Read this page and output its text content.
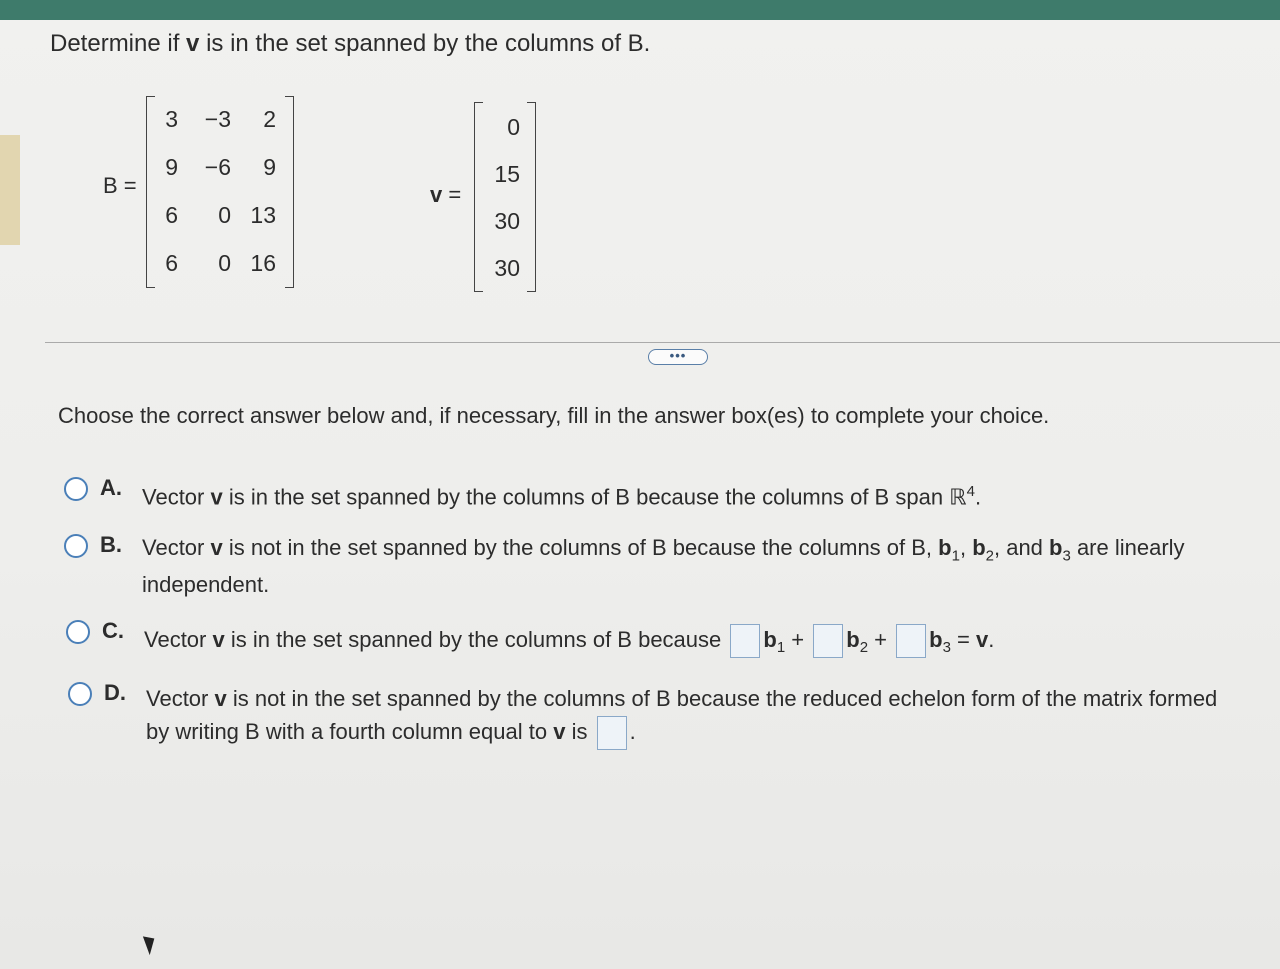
Determine if v is in the set spanned by the columns of B.
B =
3	−3	2
9	−6	9
6	0 13
6	0 16
v =
0
15
30
30
•••
Choose the correct answer below and, if necessary, fill in the answer box(es) to complete your choice.
A. Vector v is in the set spanned by the columns of B because the columns of B span ℝ$^4$.
B. Vector v is not in the set spanned by the columns of B because the columns of B, $b_1$, $b_2$, and $b_3$ are linearly
independent.
C. Vector v is in the set spanned by the columns of B because $b_1 + b_2 + b_3 = v$.
D. Vector v is not in the set spanned by the columns of B because the reduced echelon form of the matrix formed
by writing B with a fourth column equal to v is .
